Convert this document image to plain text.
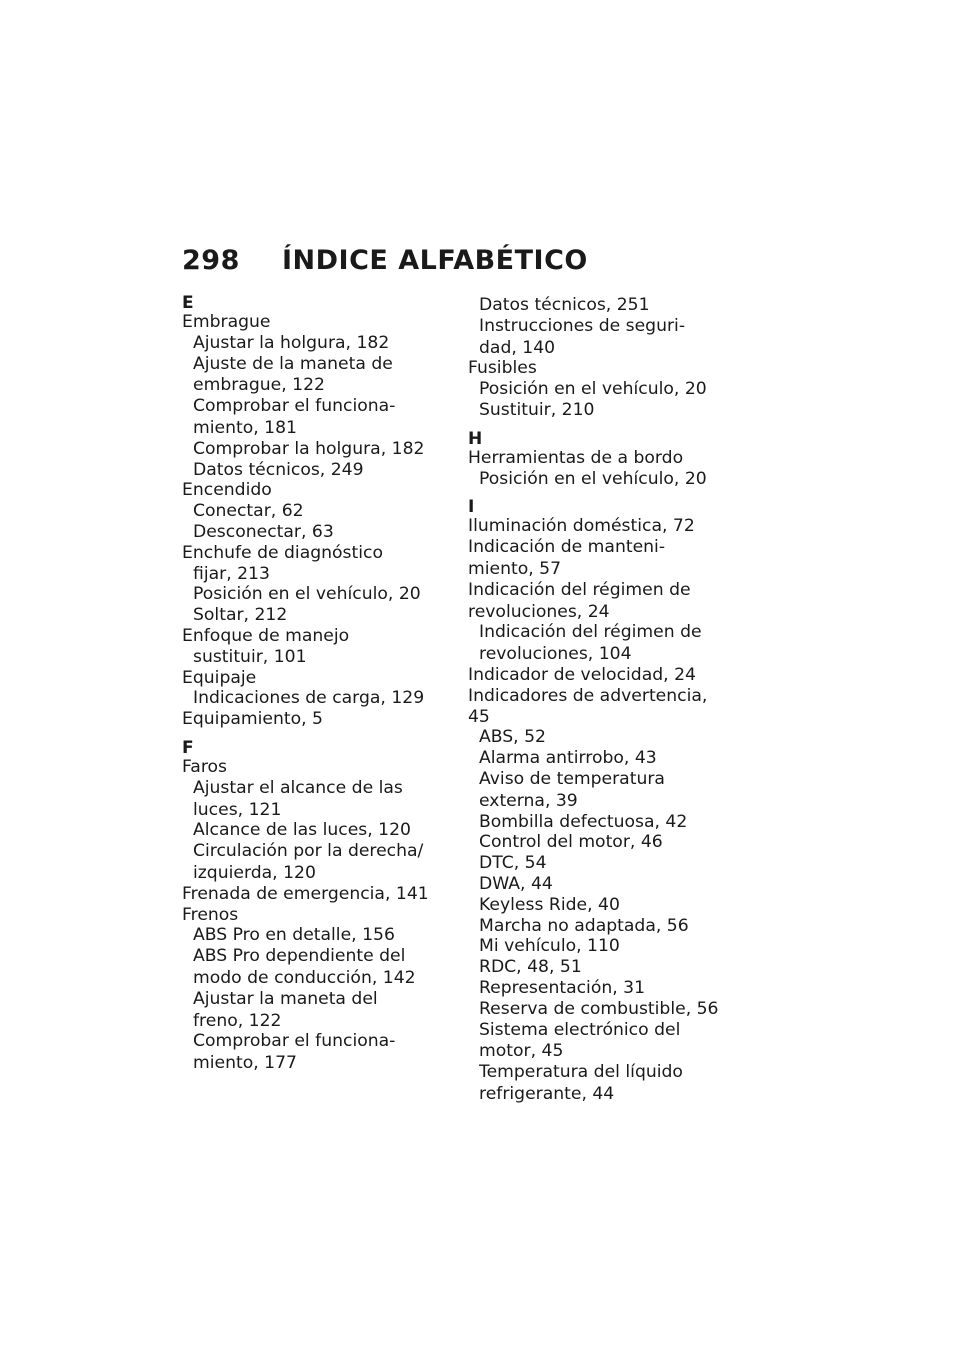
298 ÍNDICE ALFABÉTICO

E

Embrague

Ajustar la holgura, 182

Ajuste de la maneta de
embrague, 122

Comprobar el funciona-
miento, 181

Comprobar la holgura, 182

Datos técnicos, 249

Encendido

Conectar, 62

Desconectar, 63

Enchufe de diagnóstico

fijar, 213

Posición en el vehículo, 20

Soltar, 212

Enfoque de manejo

sustituir, 101

Equipaje

Indicaciones de carga, 129

Equipamiento, 5

F

Faros

Ajustar el alcance de las
luces, 121

Alcance de las luces, 120

Circulación por la derecha/
izquierda, 120

Frenada de emergencia, 141

Frenos

ABS Pro en detalle, 156

ABS Pro dependiente del
modo de conducción, 142

Ajustar la maneta del
freno, 122

Comprobar el funciona-
miento, 177

Datos técnicos, 251

Instrucciones de seguri-
dad, 140

Fusibles

Posición en el vehículo, 20

Sustituir, 210

H

Herramientas de a bordo

Posición en el vehículo, 20

I

Iluminación doméstica, 72

Indicación de manteni-
miento, 57

Indicación del régimen de
revoluciones, 24

Indicación del régimen de
revoluciones, 104

Indicador de velocidad, 24

Indicadores de advertencia, 45

ABS, 52

Alarma antirrobo, 43

Aviso de temperatura
externa, 39

Bombilla defectuosa, 42

Control del motor, 46

DTC, 54

DWA, 44

Keyless Ride, 40

Marcha no adaptada, 56

Mi vehículo, 110

RDC, 48, 51

Representación, 31

Reserva de combustible, 56

Sistema electrónico del
motor, 45

Temperatura del líquido
refrigerante, 44
